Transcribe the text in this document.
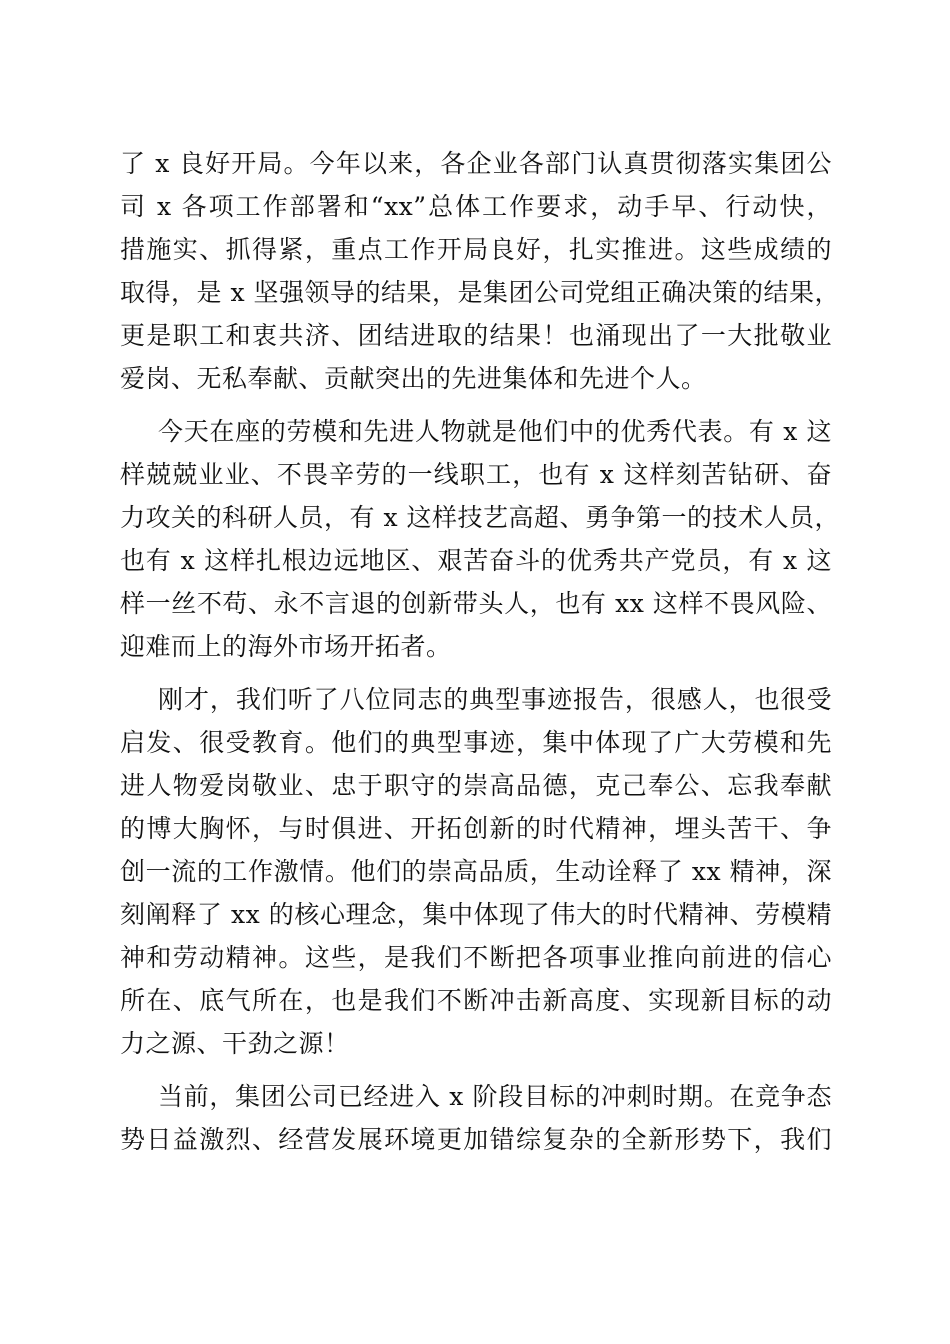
了 x 良好开局。今年以来，各企业各部门认真贯彻落实集团公
司 x 各项工作部署和“xx”总体工作要求，动手早、行动快，
措施实、抓得紧，重点工作开局良好，扎实推进。这些成绩的
取得，是 x 坚强领导的结果，是集团公司党组正确决策的结果，
更是职工和衷共济、团结进取的结果！也涌现出了一大批敬业
爱岗、无私奉献、贡献突出的先进集体和先进个人。
今天在座的劳模和先进人物就是他们中的优秀代表。有 x 这
样兢兢业业、不畏辛劳的一线职工，也有 x 这样刻苦钻研、奋
力攻关的科研人员，有 x 这样技艺高超、勇争第一的技术人员，
也有 x 这样扎根边远地区、艰苦奋斗的优秀共产党员，有 x 这
样一丝不苟、永不言退的创新带头人，也有 xx 这样不畏风险、
迎难而上的海外市场开拓者。
刚才，我们听了八位同志的典型事迹报告，很感人，也很受
启发、很受教育。他们的典型事迹，集中体现了广大劳模和先
进人物爱岗敬业、忠于职守的崇高品德，克己奉公、忘我奉献
的博大胸怀，与时俱进、开拓创新的时代精神，埋头苦干、争
创一流的工作激情。他们的崇高品质，生动诠释了 xx 精神，深
刻阐释了 xx 的核心理念，集中体现了伟大的时代精神、劳模精
神和劳动精神。这些，是我们不断把各项事业推向前进的信心
所在、底气所在，也是我们不断冲击新高度、实现新目标的动
力之源、干劲之源！
当前，集团公司已经进入 x 阶段目标的冲刺时期。在竞争态
势日益激烈、经营发展环境更加错综复杂的全新形势下，我们
